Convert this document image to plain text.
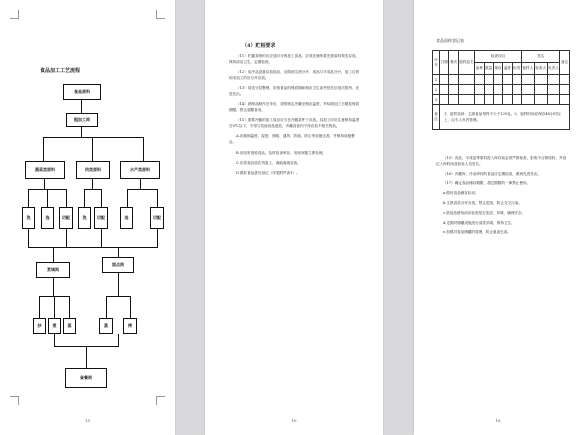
食品加工工艺流程
食品原料
粗加工间
蔬菜类原料	肉类原料	水产类原料
洗	选	切配	洗	切配	选	切配
烹调间
面点间
炒	煮	蒸	蒸	烤
备餐间
15
（4）贮相要求

（11）贮藏食物的后应及时分拣加工食品，应须先储所要先按原料按类存放，保持清洁卫生，定期检查。

（12）用冷冻设备存放食品，应做到生熟分开、成品与半成品分开，加工过的和未加工的应分开存放。

（13）同类分层整理，应按食品的保质期和相应卫生条件按先后批次排列，先进先出。

（14）熟制品制作完毕后，须按规定冷藏至相应温度，并标明加工日期及保质期限，禁止超期食用。

（15）需要冷藏的加工食品应当在冷藏条件下存放。其加工时应注意保持温度在0℃以下，不得与其他食品混放，冷藏设备内不得存放不相关物品。

A.应做到温度、湿度、照明、通风、防鼠、防尘等设施完善，并保持设施整洁。

B.应经常查验食品，及时检查库存，发现问题立即处理。

C.应将食品放在货架上，离地离墙存放。

D.做好食品进出登记（详见附件表1）。

16
食品留样登记表
序号	日期	餐次	留样品名	检查项目					签名			备注
				品种	数量	保存	温度	标签	留样人	检查人	负责人	
1												
2												
3												
备注	1、留样品种：主副食品每样不少于125克。2、留样时间应保存48小时以上，由专人负责管理。											

（15）食品、半成品等原料进入库存前必须严格检查，拒收不合格原料，并登记入库时间及检验人员签名。

（16）冷藏库、冷冻库内的食品应定期检查，做到先进先出。

（17）确定食品储存期限，超过期限的一律禁止使用。

a.做好食品储存标识。

b.生熟食品分开存放，禁止混放，防止交叉污染。

c.熟食品使用前应检查是否变质、异味，确保安全。

d.定期对储藏设施进行清洗消毒，保持卫生。

e.加强对食品储藏的管理，防止鼠害虫害。

16
